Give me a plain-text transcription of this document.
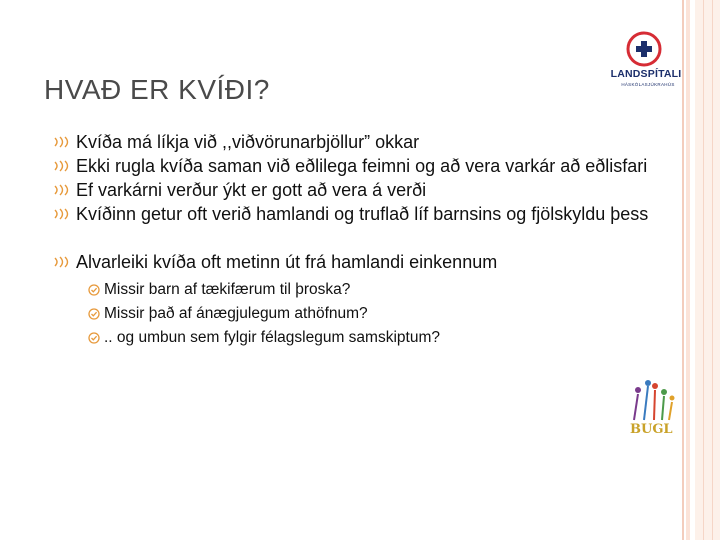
LANDSPÍTALI
HÁSKÓLASJÚKRAHÚS
HVAÐ ER KVÍÐI?
Kvíða má líkja við ,,viðvörunarbjöllur” okkar
Ekki rugla kvíða saman við eðlilega feimni og að vera varkár að eðlisfari
Ef varkárni verður ýkt er gott að vera á verði
Kvíðinn getur oft verið hamlandi og truflað líf barnsins og fjölskyldu þess
Alvarleiki kvíða oft metinn út frá hamlandi einkennum
Missir barn af tækifærum til þroska?
Missir það af ánægjulegum athöfnum?
.. og umbun sem fylgir félagslegum samskiptum?
BUGL
